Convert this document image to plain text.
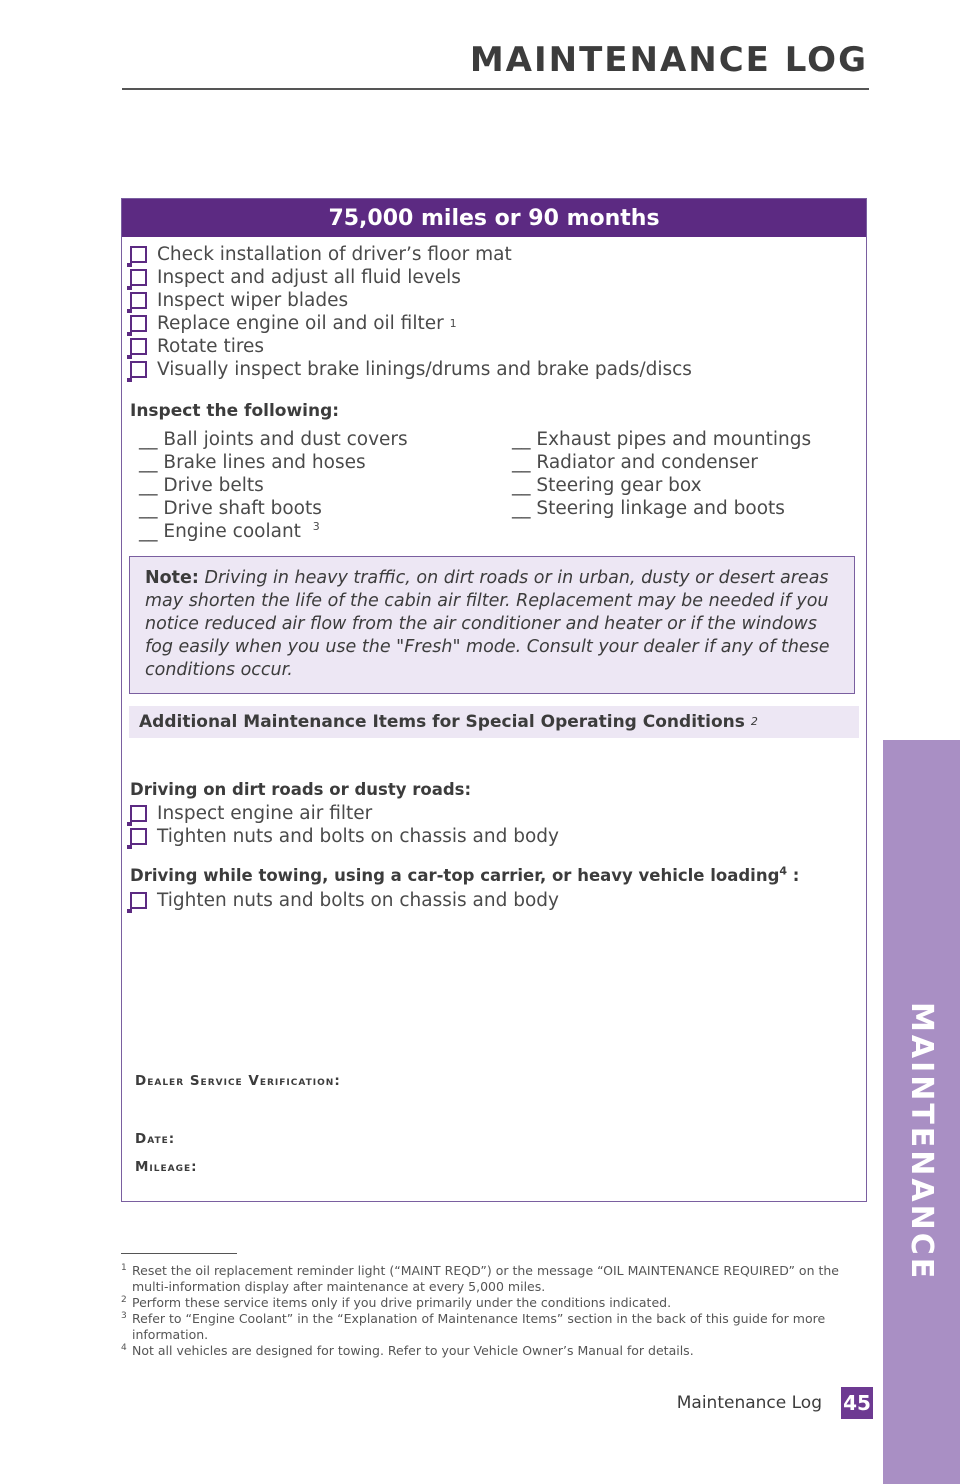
MAINTENANCE LOG
MAINTENANCE
75,000 miles or 90 months
Check installation of driver’s floor mat
Inspect and adjust all fluid levels
Inspect wiper blades
Replace engine oil and oil filter
1
Rotate tires
Visually inspect brake linings/drums and brake pads/discs
Inspect the following:
__ Ball joints and dust covers
__ Brake lines and hoses
__ Drive belts
__ Drive shaft boots
__ Engine coolant  $^3$
__ Exhaust pipes and mountings
__ Radiator and condenser
__ Steering gear box
__ Steering linkage and boots
Note: Driving in heavy traffic, on dirt roads or in urban, dusty or desert areas may shorten the life of the cabin air filter. Replacement may be needed if you notice reduced air flow from the air conditioner and heater or if the windows fog easily when you use the "Fresh" mode. Consult your dealer if any of these conditions occur.
Additional Maintenance Items for Special Operating Conditions
2
Driving on dirt roads or dusty roads:
Inspect engine air filter
Tighten nuts and bolts on chassis and body
Driving while towing, using a car-top carrier, or heavy vehicle loading$^4$ :
Tighten nuts and bolts on chassis and body
Dealer Service Verification:
Date:
Mileage:
1 Reset the oil replacement reminder light (“MAINT REQD”) or the message “OIL MAINTENANCE REQUIRED” on the multi-information display after maintenance at every 5,000 miles.
2 Perform these service items only if you drive primarily under the conditions indicated.
3 Refer to “Engine Coolant” in the “Explanation of Maintenance Items” section in the back of this guide for more information.
4 Not all vehicles are designed for towing. Refer to your Vehicle Owner’s Manual for details.
Maintenance Log 45
